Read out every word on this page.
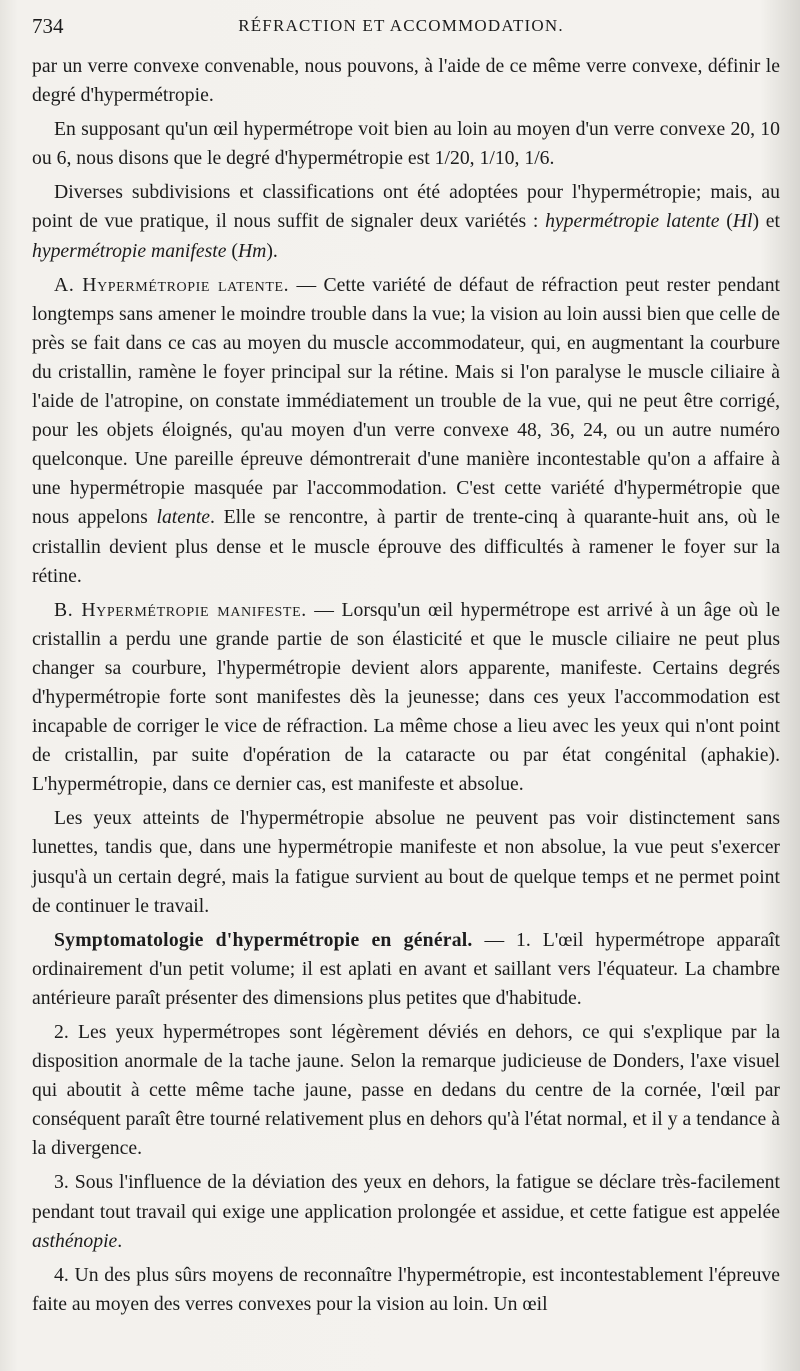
734	RÉFRACTION ET ACCOMMODATION.

par un verre convexe convenable, nous pouvons, à l'aide de ce même verre convexe, définir le degré d'hypermétropie.

En supposant qu'un œil hypermétrope voit bien au loin au moyen d'un verre convexe 20, 10 ou 6, nous disons que le degré d'hypermétropie est 1/20, 1/10, 1/6.

Diverses subdivisions et classifications ont été adoptées pour l'hypermétropie; mais, au point de vue pratique, il nous suffit de signaler deux variétés : hypermétropie latente (Hl) et hypermétropie manifeste (Hm).

A. Hypermétropie latente. — Cette variété de défaut de réfraction peut rester pendant longtemps sans amener le moindre trouble dans la vue; la vision au loin aussi bien que celle de près se fait dans ce cas au moyen du muscle accommodateur, qui, en augmentant la courbure du cristallin, ramène le foyer principal sur la rétine. Mais si l'on paralyse le muscle ciliaire à l'aide de l'atropine, on constate immédiatement un trouble de la vue, qui ne peut être corrigé, pour les objets éloignés, qu'au moyen d'un verre convexe 48, 36, 24, ou un autre numéro quelconque. Une pareille épreuve démontrerait d'une manière incontestable qu'on a affaire à une hypermétropie masquée par l'accommodation. C'est cette variété d'hypermétropie que nous appelons latente. Elle se rencontre, à partir de trente-cinq à quarante-huit ans, où le cristallin devient plus dense et le muscle éprouve des difficultés à ramener le foyer sur la rétine.

B. Hypermétropie manifeste. — Lorsqu'un œil hypermétrope est arrivé à un âge où le cristallin a perdu une grande partie de son élasticité et que le muscle ciliaire ne peut plus changer sa courbure, l'hypermétropie devient alors apparente, manifeste. Certains degrés d'hypermétropie forte sont manifestes dès la jeunesse; dans ces yeux l'accommodation est incapable de corriger le vice de réfraction. La même chose a lieu avec les yeux qui n'ont point de cristallin, par suite d'opération de la cataracte ou par état congénital (aphakie). L'hypermétropie, dans ce dernier cas, est manifeste et absolue.

Les yeux atteints de l'hypermétropie absolue ne peuvent pas voir distinctement sans lunettes, tandis que, dans une hypermétropie manifeste et non absolue, la vue peut s'exercer jusqu'à un certain degré, mais la fatigue survient au bout de quelque temps et ne permet point de continuer le travail.

Symptomatologie d'hypermétropie en général. — 1. L'œil hypermétrope apparaît ordinairement d'un petit volume; il est aplati en avant et saillant vers l'équateur. La chambre antérieure paraît présenter des dimensions plus petites que d'habitude.

2. Les yeux hypermétropes sont légèrement déviés en dehors, ce qui s'explique par la disposition anormale de la tache jaune. Selon la remarque judicieuse de Donders, l'axe visuel qui aboutit à cette même tache jaune, passe en dedans du centre de la cornée, l'œil par conséquent paraît être tourné relativement plus en dehors qu'à l'état normal, et il y a tendance à la divergence.

3. Sous l'influence de la déviation des yeux en dehors, la fatigue se déclare très-facilement pendant tout travail qui exige une application prolongée et assidue, et cette fatigue est appelée asthénopie.

4. Un des plus sûrs moyens de reconnaître l'hypermétropie, est incontestablement l'épreuve faite au moyen des verres convexes pour la vision au loin. Un œil
